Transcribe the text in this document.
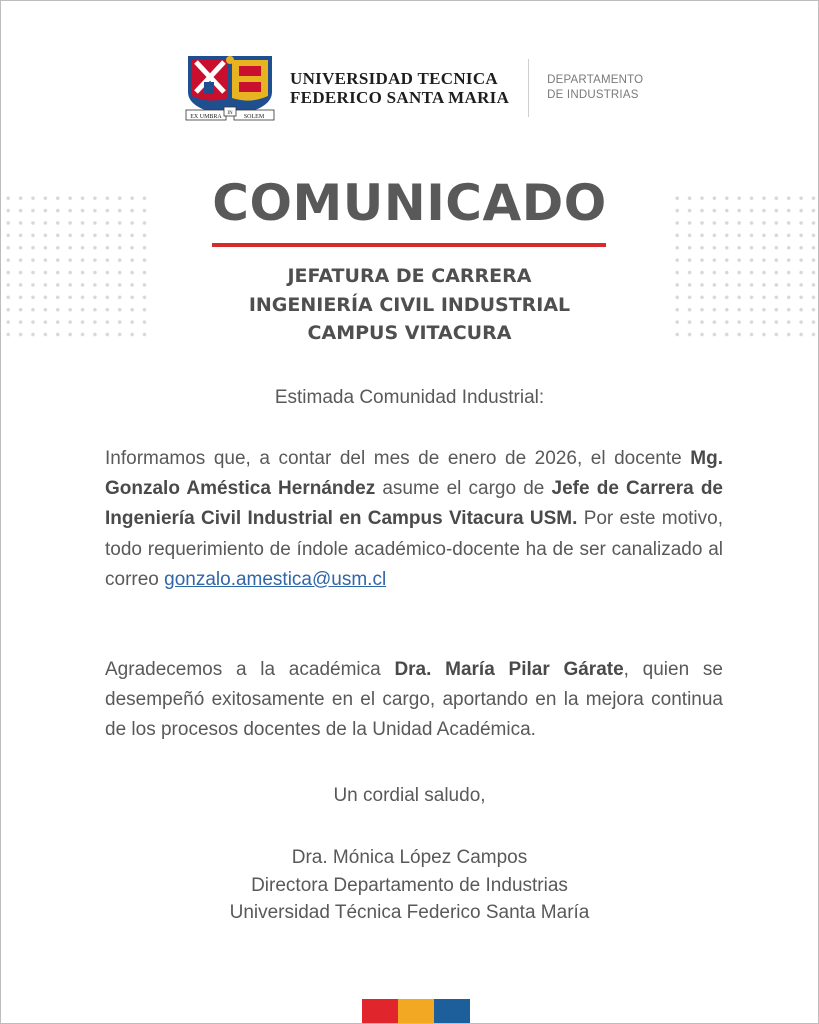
EX UMBRA
IN
SOLEM
UNIVERSIDAD TECNICA
FEDERICO SANTA MARIA
DEPARTAMENTO
DE INDUSTRIAS
COMUNICADO
JEFATURA DE CARRERA
INGENIERÍA CIVIL INDUSTRIAL
CAMPUS VITACURA
Estimada Comunidad Industrial:
Informamos que, a contar del mes de enero de 2026, el docente Mg. Gonzalo Améstica Hernández asume el cargo de Jefe de Carrera de Ingeniería Civil Industrial en Campus Vitacura USM. Por este motivo, todo requerimiento de índole académico-docente ha de ser canalizado al correo gonzalo.amestica@usm.cl
Agradecemos a la académica Dra. María Pilar Gárate, quien se desempeñó exitosamente en el cargo, aportando en la mejora continua de los procesos docentes de la Unidad Académica.
Un cordial saludo,
Dra. Mónica López Campos
Directora Departamento de Industrias
Universidad Técnica Federico Santa María
